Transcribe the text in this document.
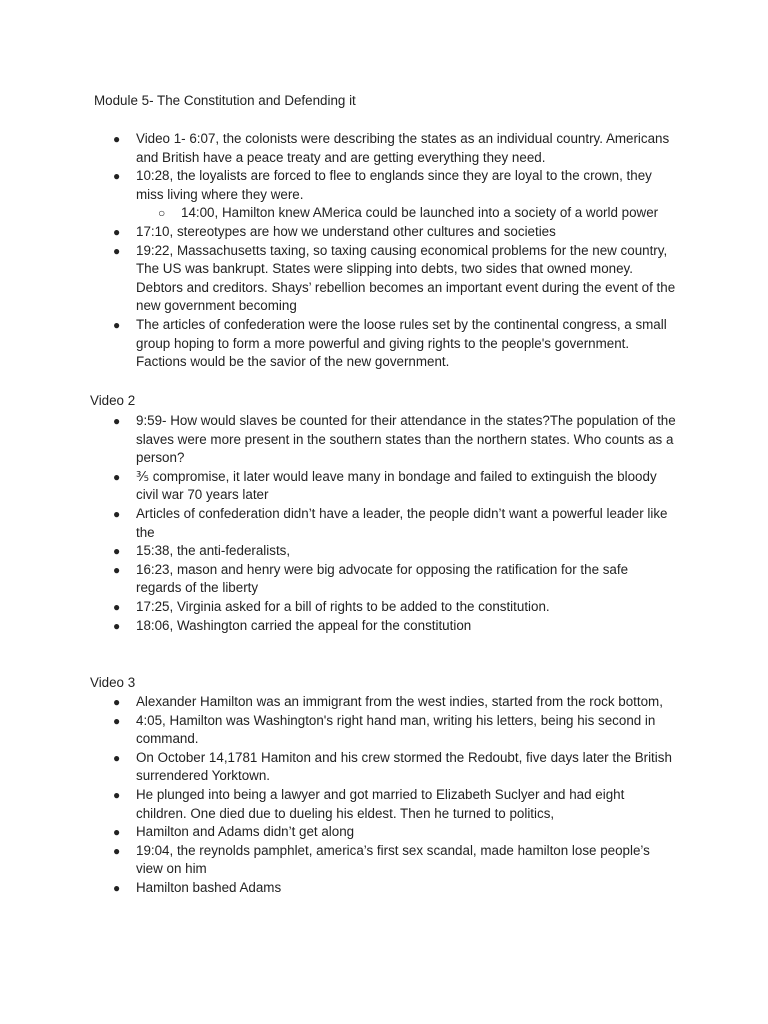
Module 5- The Constitution and Defending it
● Video 1- 6:07, the colonists were describing the states as an individual country. Americans and British have a peace treaty and are getting everything they need.
● 10:28, the loyalists are forced to flee to englands since they are loyal to the crown, they miss living where they were.
○ 14:00, Hamilton knew AMerica could be launched into a society of a world power
● 17:10, stereotypes are how we understand other cultures and societies
● 19:22, Massachusetts taxing, so taxing causing economical problems for the new country, The US was bankrupt. States were slipping into debts, two sides that owned money. Debtors and creditors. Shays’ rebellion becomes an important event during the event of the new government becoming
● The articles of confederation were the loose rules set by the continental congress, a small group hoping to form a more powerful and giving rights to the people's government. Factions would be the savior of the new government.
Video 2
● 9:59- How would slaves be counted for their attendance in the states?The population of the slaves were more present in the southern states than the northern states. Who counts as a person?
● ⅗ compromise, it later would leave many in bondage and failed to extinguish the bloody civil war 70 years later
● Articles of confederation didn’t have a leader, the people didn’t want a powerful leader like the
● 15:38, the anti-federalists,
● 16:23, mason and henry were big advocate for opposing the ratification for the safe regards of the liberty
● 17:25, Virginia asked for a bill of rights to be added to the constitution.
● 18:06, Washington carried the appeal for the constitution
Video 3
● Alexander Hamilton was an immigrant from the west indies, started from the rock bottom,
● 4:05, Hamilton was Washington's right hand man, writing his letters, being his second in command.
● On October 14,1781 Hamiton and his crew stormed the Redoubt, five days later the British surrendered Yorktown.
● He plunged into being a lawyer and got married to Elizabeth Suclyer and had eight children. One died due to dueling his eldest. Then he turned to politics,
● Hamilton and Adams didn’t get along
● 19:04, the reynolds pamphlet, america’s first sex scandal, made hamilton lose people’s view on him
● Hamilton bashed Adams
